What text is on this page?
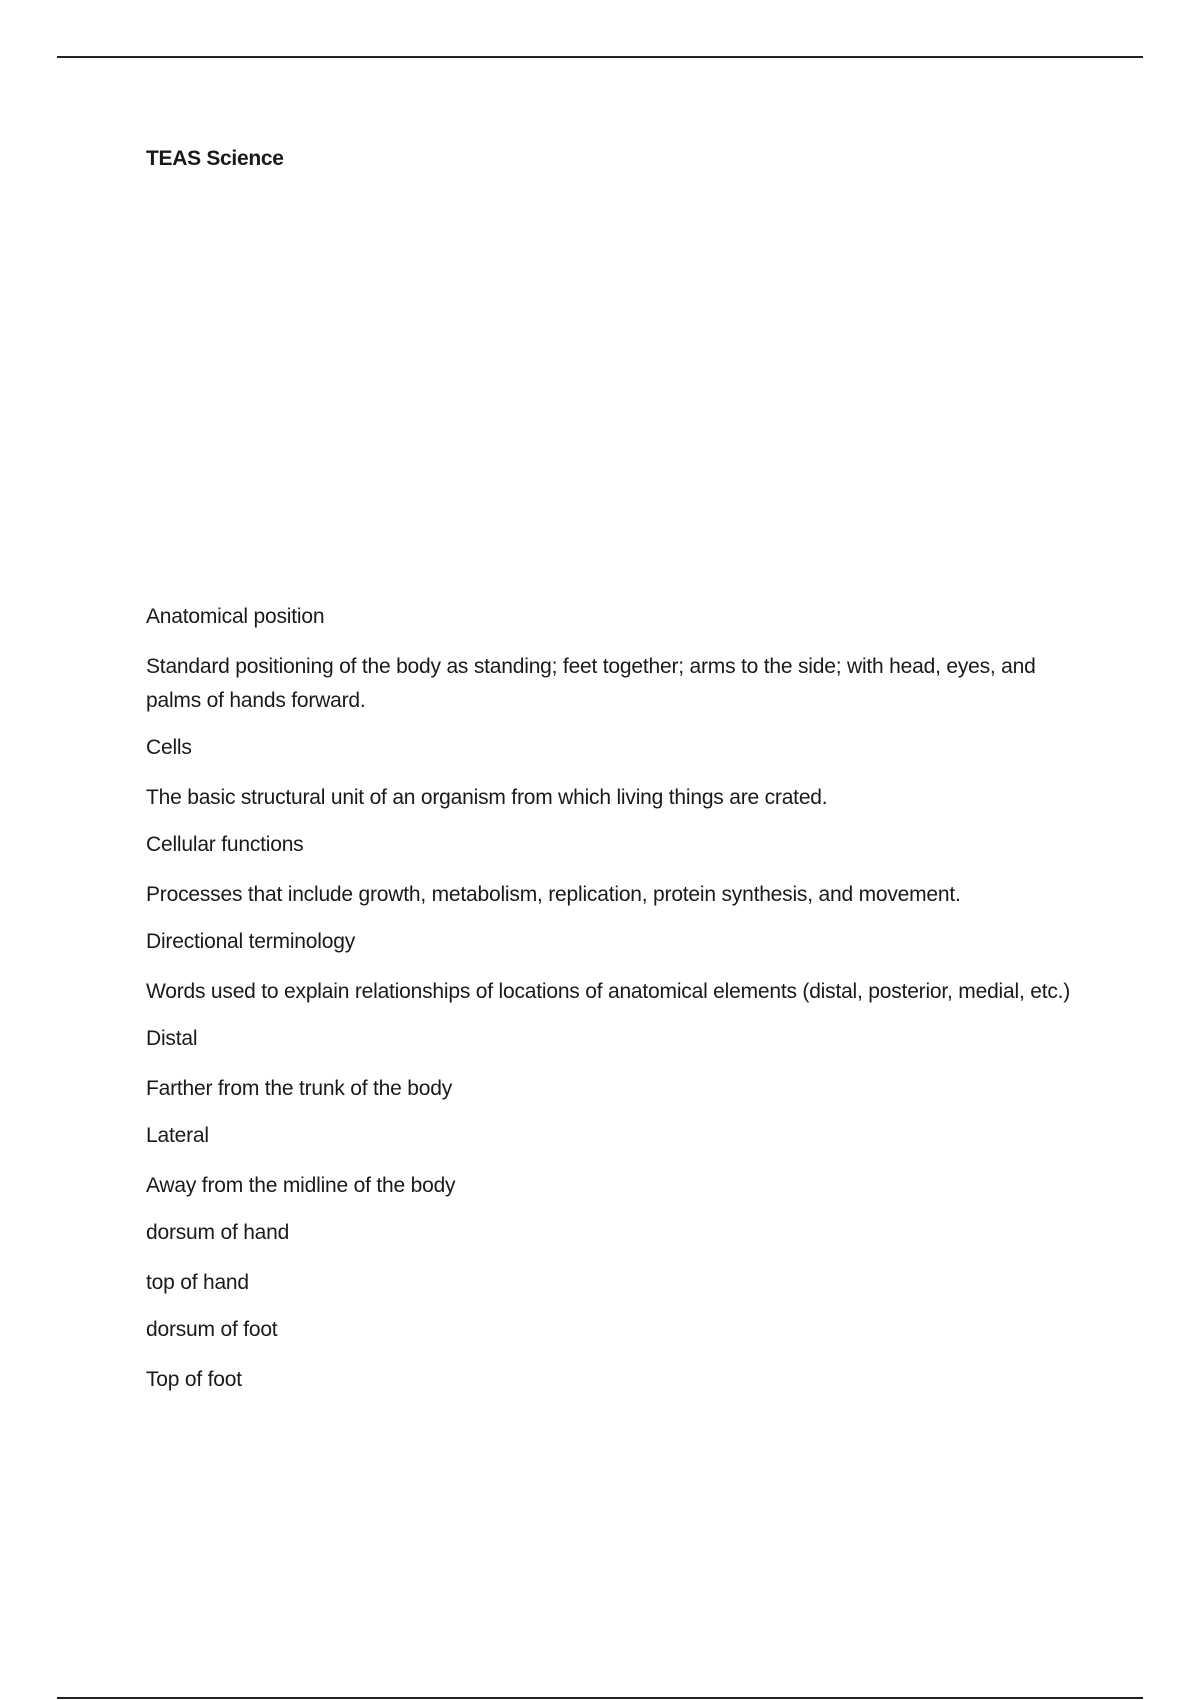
TEAS Science
Anatomical position
Standard positioning of the body as standing; feet together; arms to the side; with head, eyes, and palms of hands forward.
Cells
The basic structural unit of an organism from which living things are crated.
Cellular functions
Processes that include growth, metabolism, replication, protein synthesis, and movement.
Directional terminology
Words used to explain relationships of locations of anatomical elements (distal, posterior, medial, etc.)
Distal
Farther from the trunk of the body
Lateral
Away from the midline of the body
dorsum of hand
top of hand
dorsum of foot
Top of foot
